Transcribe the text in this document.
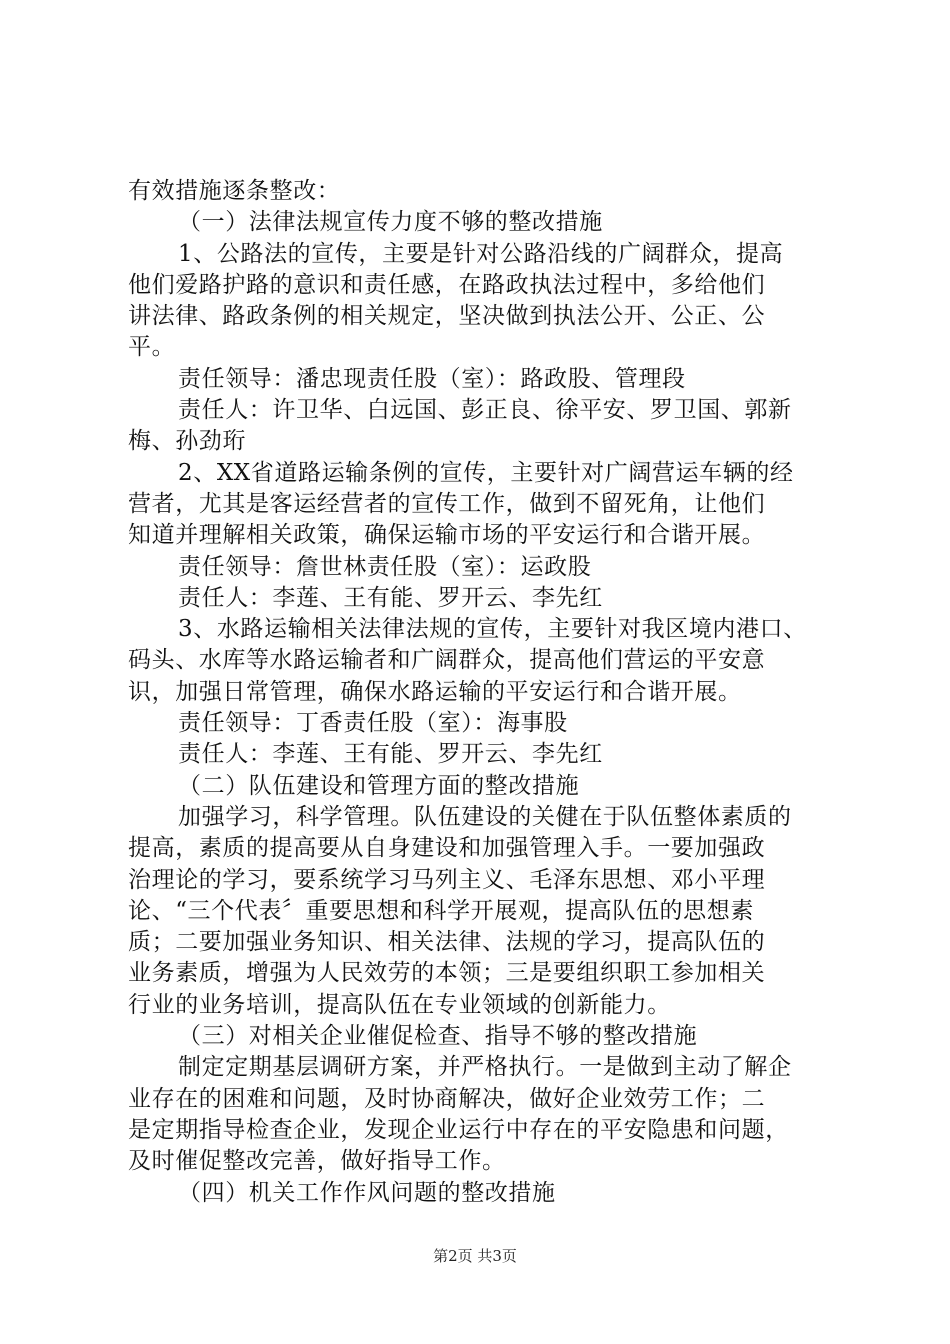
有效措施逐条整改：
（一）法律法规宣传力度不够的整改措施
1、公路法的宣传，主要是针对公路沿线的广阔群众，提高
他们爱路护路的意识和责任感，在路政执法过程中，多给他们
讲法律、路政条例的相关规定，坚决做到执法公开、公正、公
平。
责任领导：潘忠现责任股（室）：路政股、管理段
责任人：许卫华、白远国、彭正良、徐平安、罗卫国、郭新
梅、孙劲珩
2、XX省道路运输条例的宣传，主要针对广阔营运车辆的经
营者，尤其是客运经营者的宣传工作，做到不留死角，让他们
知道并理解相关政策，确保运输市场的平安运行和合谐开展。
责任领导：詹世林责任股（室）：运政股
责任人：李莲、王有能、罗开云、李先红
3、水路运输相关法律法规的宣传，主要针对我区境内港口、
码头、水库等水路运输者和广阔群众，提高他们营运的平安意
识，加强日常管理，确保水路运输的平安运行和合谐开展。
责任领导：丁香责任股（室）：海事股
责任人：李莲、王有能、罗开云、李先红
（二）队伍建设和管理方面的整改措施
加强学习，科学管理。队伍建设的关健在于队伍整体素质的
提高，素质的提高要从自身建设和加强管理入手。一要加强政
治理论的学习，要系统学习马列主义、毛泽东思想、邓小平理
论、“三个代表〞重要思想和科学开展观，提高队伍的思想素
质；二要加强业务知识、相关法律、法规的学习，提高队伍的
业务素质，增强为人民效劳的本领；三是要组织职工参加相关
行业的业务培训，提高队伍在专业领域的创新能力。
（三）对相关企业催促检查、指导不够的整改措施
制定定期基层调研方案，并严格执行。一是做到主动了解企
业存在的困难和问题，及时协商解决，做好企业效劳工作；二
是定期指导检查企业，发现企业运行中存在的平安隐患和问题，
及时催促整改完善，做好指导工作。
（四）机关工作作风问题的整改措施
第2页 共3页
